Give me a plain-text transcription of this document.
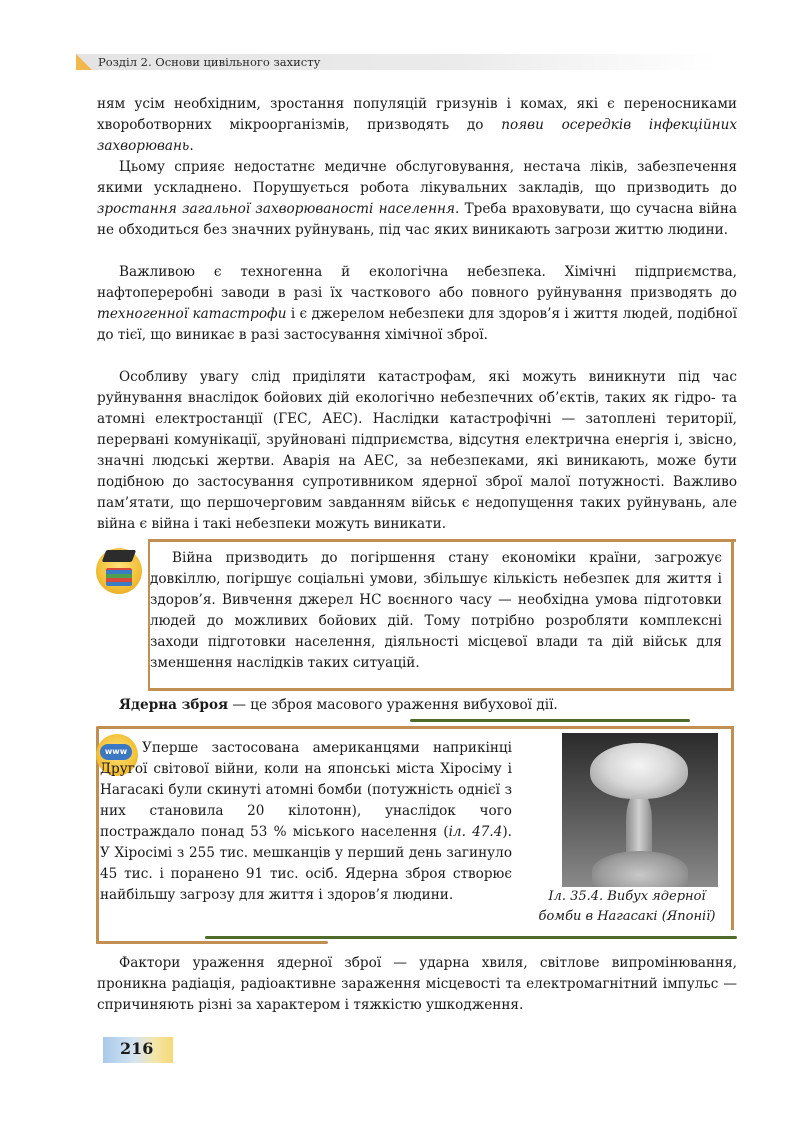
Розділ 2. Основи цивільного захисту

ням усім необхідним, зростання популяцій гризунів і комах, які є переносниками хвороботворних мікроорганізмів, призводять до появи осередків інфекційних захворювань.

Цьому сприяє недостатнє медичне обслуговування, нестача ліків, забезпечення якими ускладнено. Порушується робота лікувальних закладів, що призводить до зростання загальної захворюваності населення. Треба враховувати, що сучасна війна не обходиться без значних руйнувань, під час яких виникають загрози життю людини.

Важливою є техногенна й екологічна небезпека. Хімічні підприємства, нафтопереробні заводи в разі їх часткового або повного руйнування призводять до техногенної катастрофи і є джерелом небезпеки для здоров’я і життя людей, подібної до тієї, що виникає в разі застосування хімічної зброї.

Особливу увагу слід приділяти катастрофам, які можуть виникнути під час руйнування внаслідок бойових дій екологічно небезпечних об’єктів, таких як гідро- та атомні електростанції (ГЕС, АЕС). Наслідки катастрофічні — затоплені території, перервані комунікації, зруйновані підприємства, відсутня електрична енергія і, звісно, значні людські жертви. Аварія на АЕС, за небезпеками, які виникають, може бути подібною до застосування супротивником ядерної зброї малої потужності. Важливо пам’ятати, що першочерговим завданням військ є недопущення таких руйнувань, але війна є війна і такі небезпеки можуть виникати.

Війна призводить до погіршення стану економіки країни, загрожує довкіллю, погіршує соціальні умови, збільшує кількість небезпек для життя і здоров’я. Вивчення джерел НС воєнного часу — необхідна умова підготовки людей до можливих бойових дій. Тому потрібно розробляти комплексні заходи підготовки населення, діяльності місцевої влади та дій військ для зменшення наслідків таких ситуацій.

Ядерна зброя — це зброя масового ураження вибухової дії.

www	Уперше застосована американцями наприкінці Другої світової війни, коли на японські міста Хіросіму і Нагасакі були скинуті атомні бомби (потужність однієї з них становила 20 кілотонн), унаслідок чого постраждало понад 53 % міського населення (іл. 47.4). У Хіросімі з 255 тис. мешканців у перший день загинуло 45 тис. і поранено 91 тис. осіб. Ядерна зброя створює найбільшу загрозу для життя і здоров’я людини.	Іл. 35.4. Вибух ядерної
бомби в Нагасакі (Японії)

Фактори ураження ядерної зброї — ударна хвиля, світлове випромінювання, проникна радіація, радіоактивне зараження місцевості та електромагнітний імпульс — спричиняють різні за характером і тяжкістю ушкодження.

216
